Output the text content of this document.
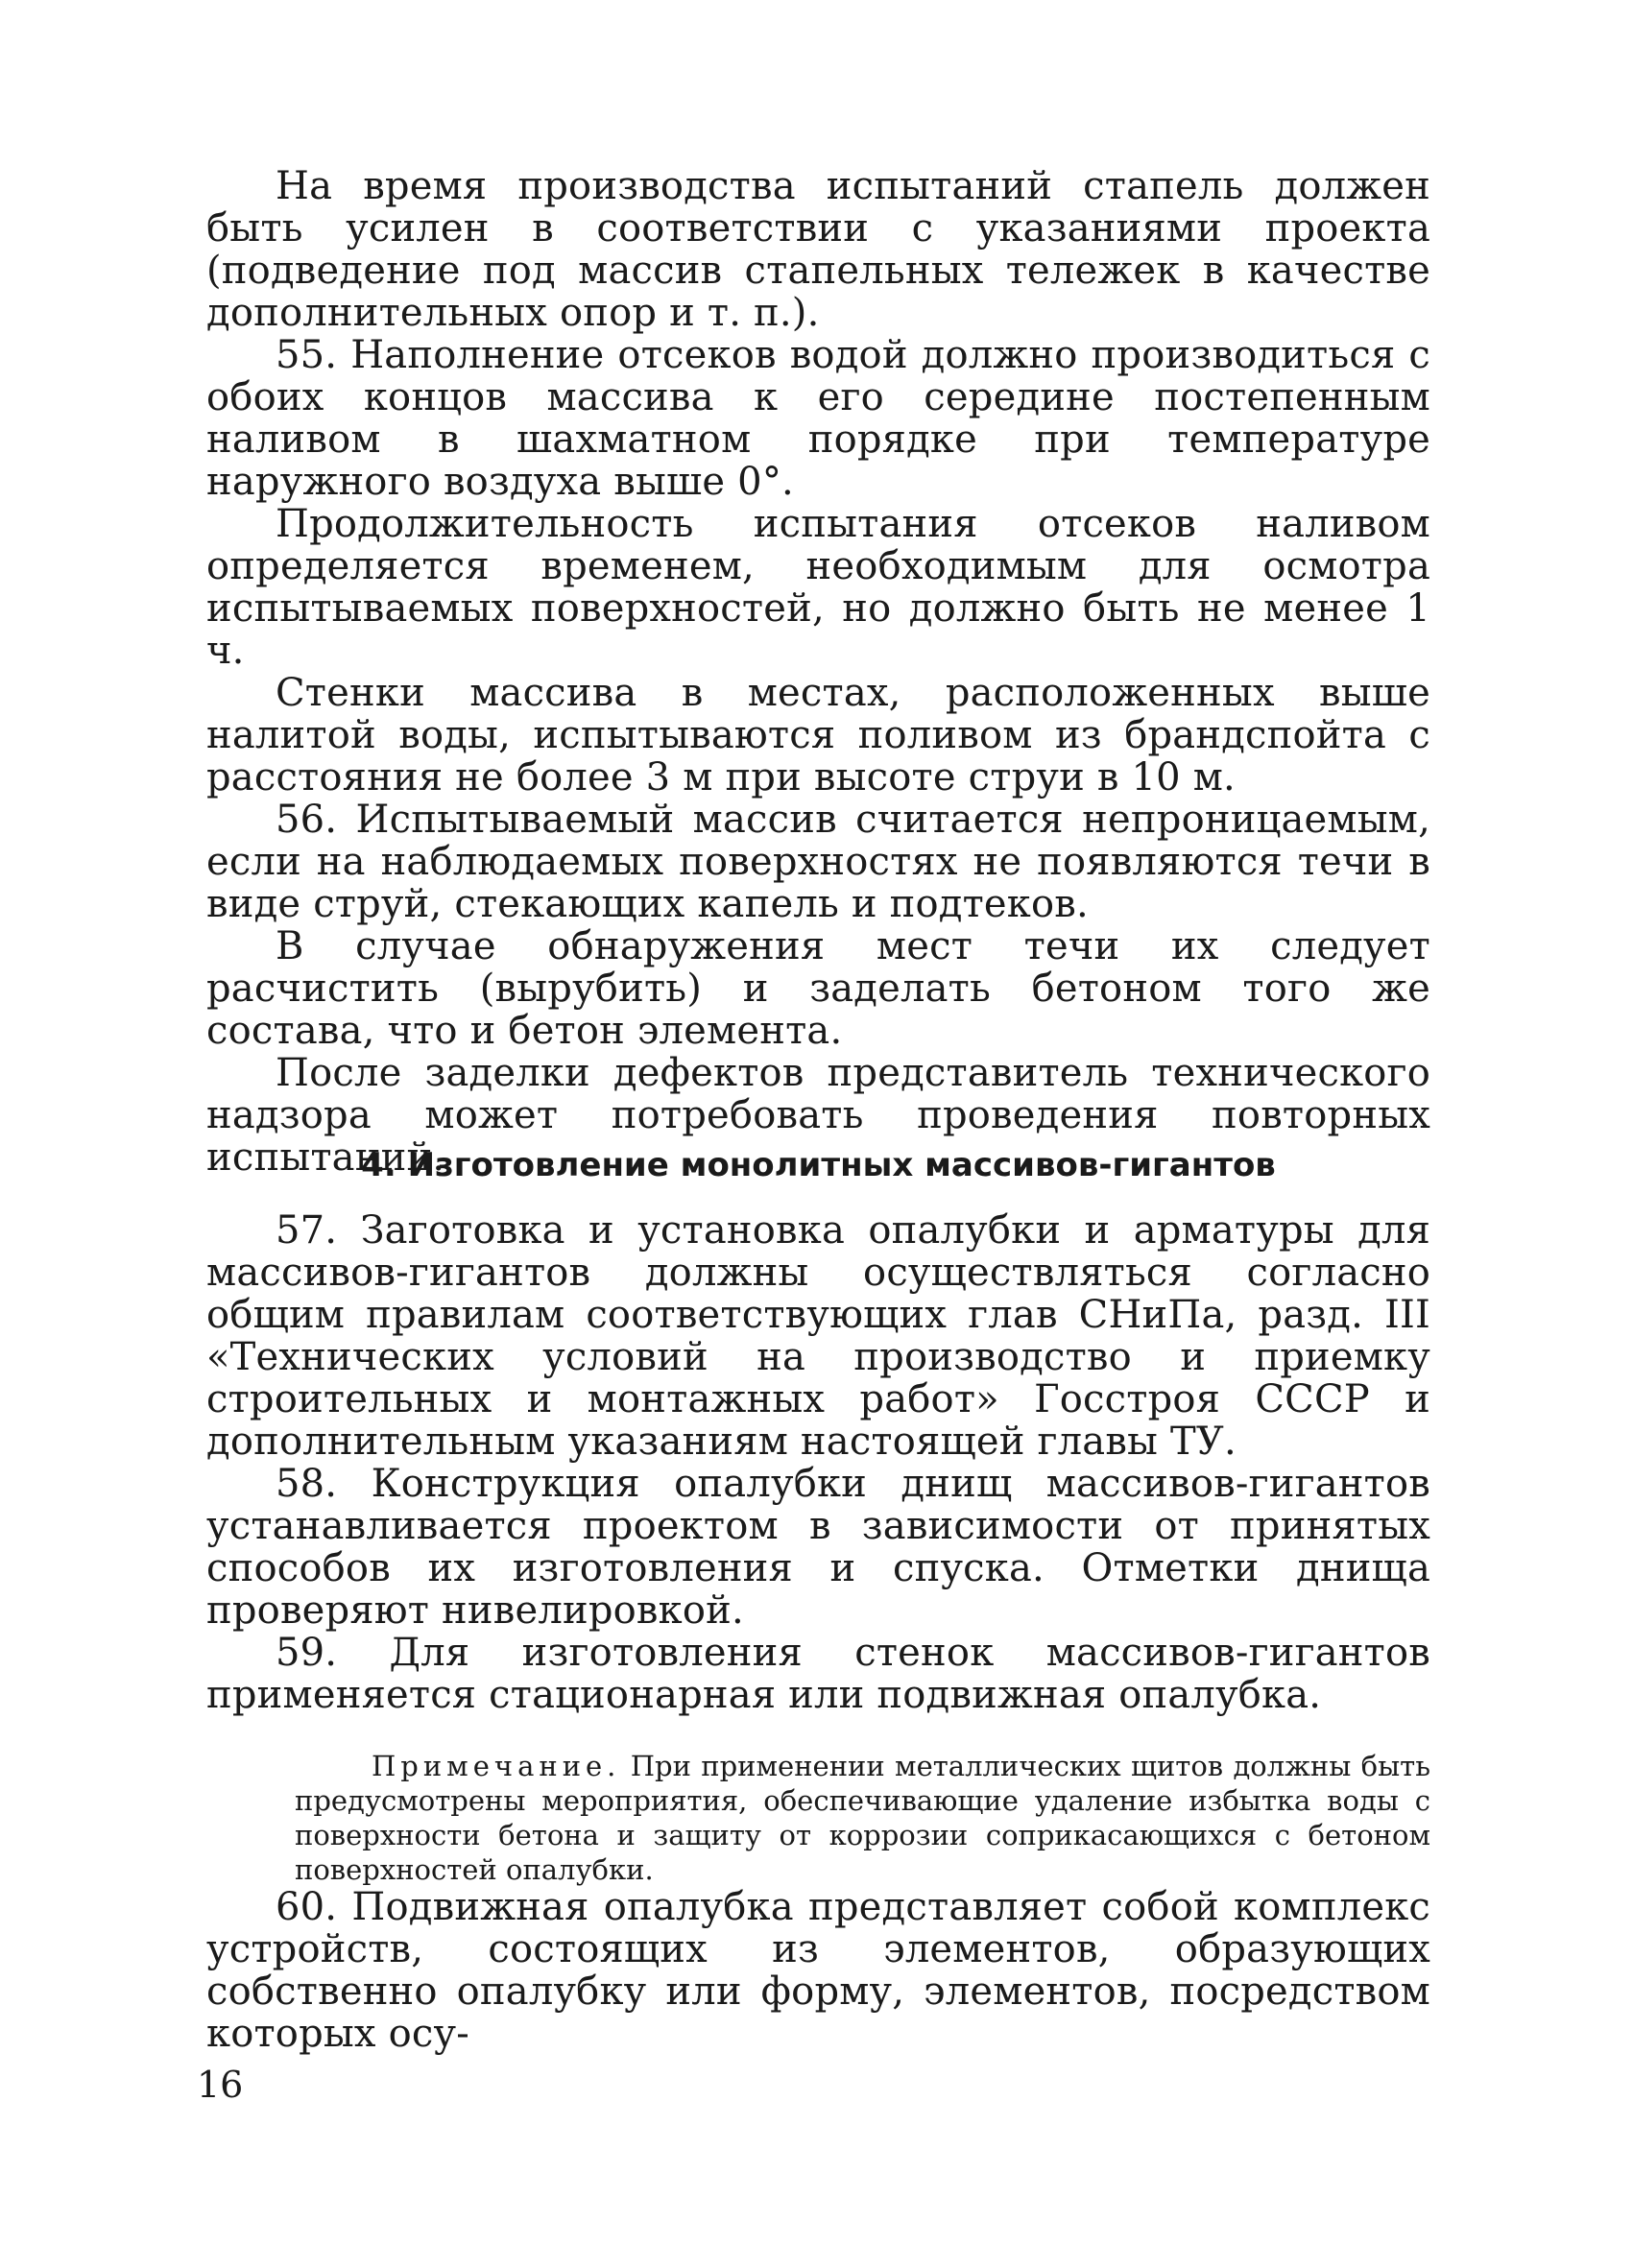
На время производства испытаний стапель должен быть усилен в соответствии с указаниями проекта (подведение под массив стапельных тележек в качестве дополнительных опор и т. п.).

55. Наполнение отсеков водой должно производиться с обоих концов массива к его середине постепенным наливом в шахматном порядке при температуре наружного воздуха выше 0°.

Продолжительность испытания отсеков наливом определяется временем, необходимым для осмотра испытываемых поверхностей, но должно быть не менее 1 ч.

Стенки массива в местах, расположенных выше налитой воды, испытываются поливом из брандспойта с расстояния не более 3 м при высоте струи в 10 м.

56. Испытываемый массив считается непроницаемым, если на наблюдаемых поверхностях не появляются течи в виде струй, стекающих капель и подтеков.

В случае обнаружения мест течи их следует расчистить (вырубить) и заделать бетоном того же состава, что и бетон элемента.

После заделки дефектов представитель технического надзора может потребовать проведения повторных испытаний.

4. Изготовление монолитных массивов-гигантов

57. Заготовка и установка опалубки и арматуры для массивов-гигантов должны осуществляться согласно общим правилам соответствующих глав СНиПа, разд. III «Технических условий на производство и приемку строительных и монтажных работ» Госстроя СССР и дополнительным указаниям настоящей главы ТУ.

58. Конструкция опалубки днищ массивов-гигантов устанавливается проектом в зависимости от принятых способов их изготовления и спуска. Отметки днища проверяют нивелировкой.

59. Для изготовления стенок массивов-гигантов применяется стационарная или подвижная опалубка.

Примечание. При применении металлических щитов должны быть предусмотрены мероприятия, обеспечивающие удаление избытка воды с поверхности бетона и защиту от коррозии соприкасающихся с бетоном поверхностей опалубки.

60. Подвижная опалубка представляет собой комплекс устройств, состоящих из элементов, образующих собственно опалубку или форму, элементов, посредством которых осу-

16
